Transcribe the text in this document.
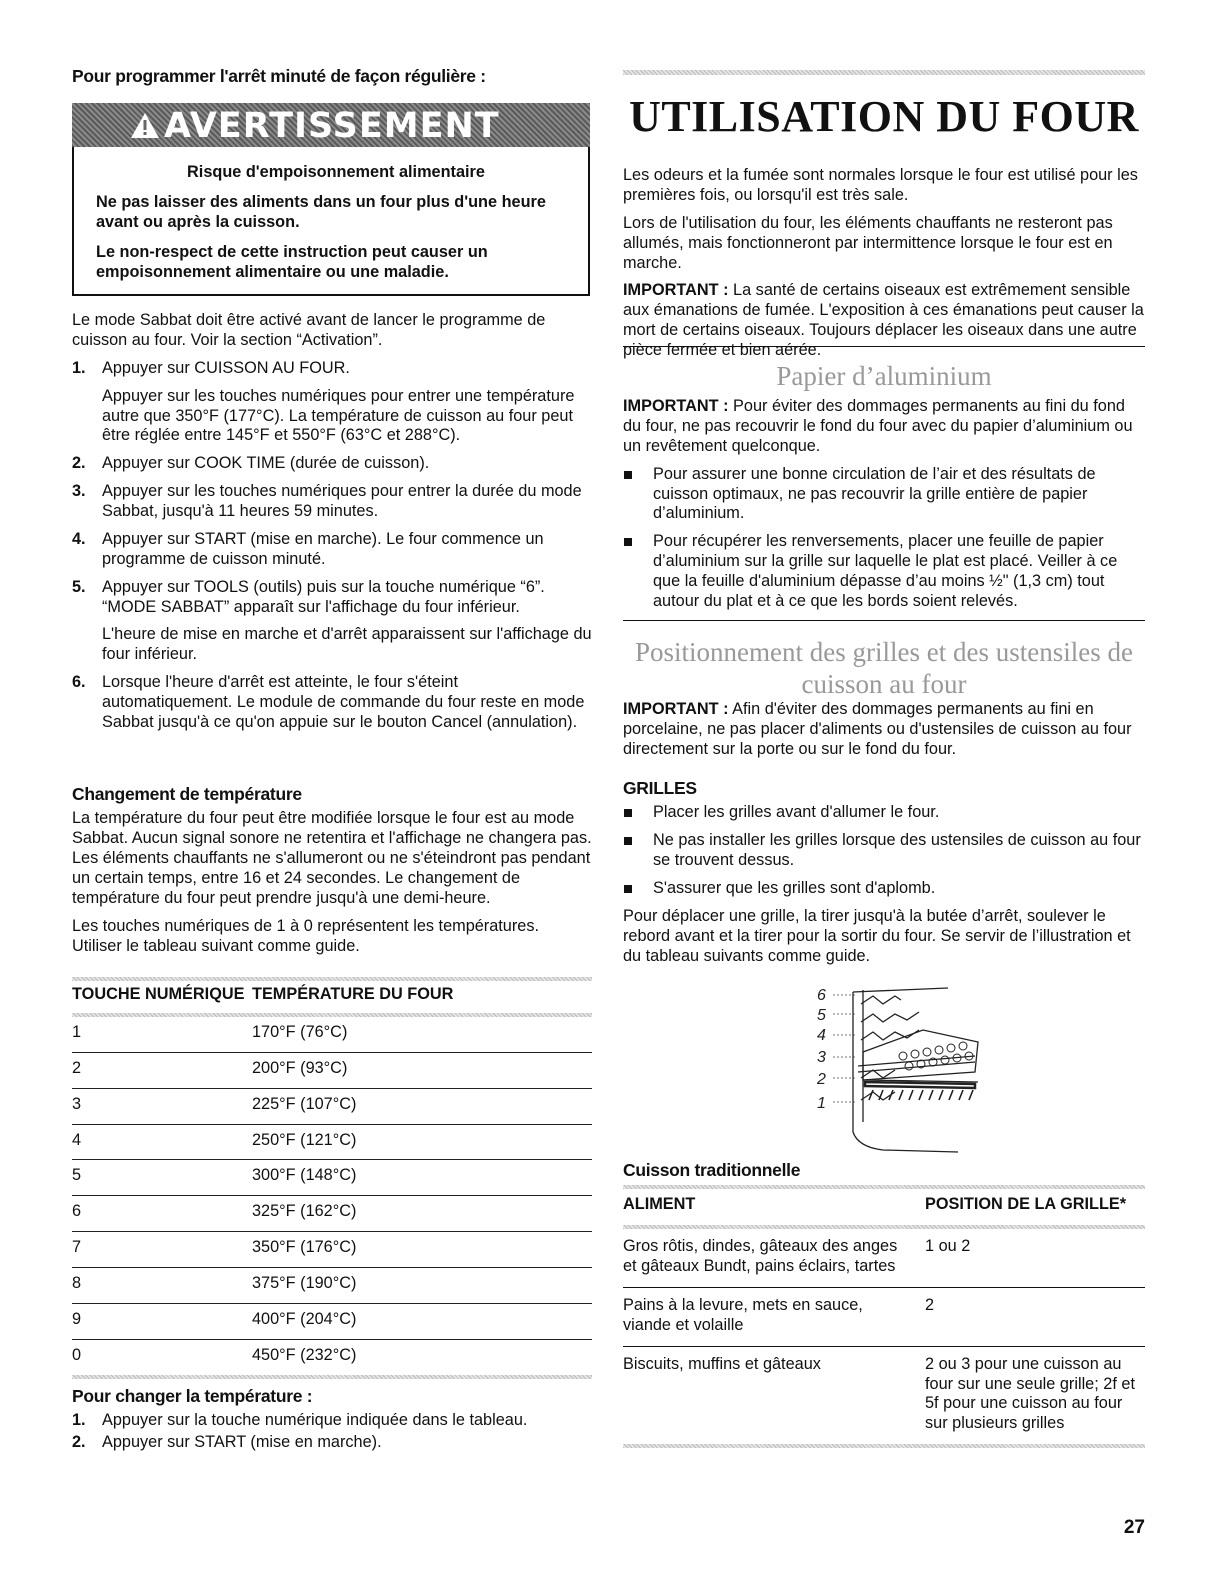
Pour programmer l'arrêt minuté de façon régulière :
AVERTISSEMENT

Risque d'empoisonnement alimentaire

Ne pas laisser des aliments dans un four plus d'une heure avant ou après la cuisson.

Le non-respect de cette instruction peut causer un empoisonnement alimentaire ou une maladie.

Le mode Sabbat doit être activé avant de lancer le programme de cuisson au four. Voir la section “Activation”.

1. Appuyer sur CUISSON AU FOUR.
Appuyer sur les touches numériques pour entrer une température autre que 350°F (177°C). La température de cuisson au four peut être réglée entre 145°F et 550°F (63°C et 288°C).
2. Appuyer sur COOK TIME (durée de cuisson).
3. Appuyer sur les touches numériques pour entrer la durée du mode Sabbat, jusqu'à 11 heures 59 minutes.
4. Appuyer sur START (mise en marche). Le four commence un programme de cuisson minuté.
5. Appuyer sur TOOLS (outils) puis sur la touche numérique “6”. “MODE SABBAT” apparaît sur l'affichage du four inférieur.
L'heure de mise en marche et d'arrêt apparaissent sur l'affichage du four inférieur.
6. Lorsque l'heure d'arrêt est atteinte, le four s'éteint automatiquement. Le module de commande du four reste en mode Sabbat jusqu'à ce qu'on appuie sur le bouton Cancel (annulation).
Changement de température

La température du four peut être modifiée lorsque le four est au mode Sabbat. Aucun signal sonore ne retentira et l'affichage ne changera pas. Les éléments chauffants ne s'allumeront ou ne s'éteindront pas pendant un certain temps, entre 16 et 24 secondes. Le changement de température du four peut prendre jusqu'à une demi-heure.

Les touches numériques de 1 à 0 représentent les températures. Utiliser le tableau suivant comme guide.

TOUCHE NUMÉRIQUE	TEMPÉRATURE DU FOUR

1	170°F (76°C)
2	200°F (93°C)
3	225°F (107°C)
4	250°F (121°C)
5	300°F (148°C)
6	325°F (162°C)
7	350°F (176°C)
8	375°F (190°C)
9	400°F (204°C)
0	450°F (232°C)
Pour changer la température :
1. Appuyer sur la touche numérique indiquée dans le tableau.
2. Appuyer sur START (mise en marche).
UTILISATION DU FOUR

Les odeurs et la fumée sont normales lorsque le four est utilisé pour les premières fois, ou lorsqu'il est très sale.

Lors de l'utilisation du four, les éléments chauffants ne resteront pas allumés, mais fonctionneront par intermittence lorsque le four est en marche.

IMPORTANT : La santé de certains oiseaux est extrêmement sensible aux émanations de fumée. L'exposition à ces émanations peut causer la mort de certains oiseaux. Toujours déplacer les oiseaux dans une autre pièce fermée et bien aérée.

Papier d’aluminium

IMPORTANT : Pour éviter des dommages permanents au fini du fond du four, ne pas recouvrir le fond du four avec du papier d’aluminium ou un revêtement quelconque.

Pour assurer une bonne circulation de l’air et des résultats de cuisson optimaux, ne pas recouvrir la grille entière de papier d’aluminium.
Pour récupérer les renversements, placer une feuille de papier d’aluminium sur la grille sur laquelle le plat est placé. Veiller à ce que la feuille d'aluminium dépasse d’au moins ½" (1,3 cm) tout autour du plat et à ce que les bords soient relevés.
Positionnement des grilles et des ustensiles de cuisson au four

IMPORTANT : Afin d'éviter des dommages permanents au fini en porcelaine, ne pas placer d'aliments ou d'ustensiles de cuisson au four directement sur la porte ou sur le fond du four.

GRILLES
Placer les grilles avant d'allumer le four.
Ne pas installer les grilles lorsque des ustensiles de cuisson au four se trouvent dessus.
S'assurer que les grilles sont d'aplomb.

Pour déplacer une grille, la tirer jusqu'à la butée d’arrêt, soulever le rebord avant et la tirer pour la sortir du four. Se servir de l’illustration et du tableau suivants comme guide.

6
5
4
3
2
1
Cuisson traditionnelle
ALIMENT	POSITION DE LA GRILLE*

Gros rôtis, dindes, gâteaux des anges et gâteaux Bundt, pains éclairs, tartes	1 ou 2
Pains à la levure, mets en sauce, viande et volaille	2
Biscuits, muffins et gâteaux	2 ou 3 pour une cuisson au four sur une seule grille; 2f et 5f pour une cuisson au four sur plusieurs grilles
27
